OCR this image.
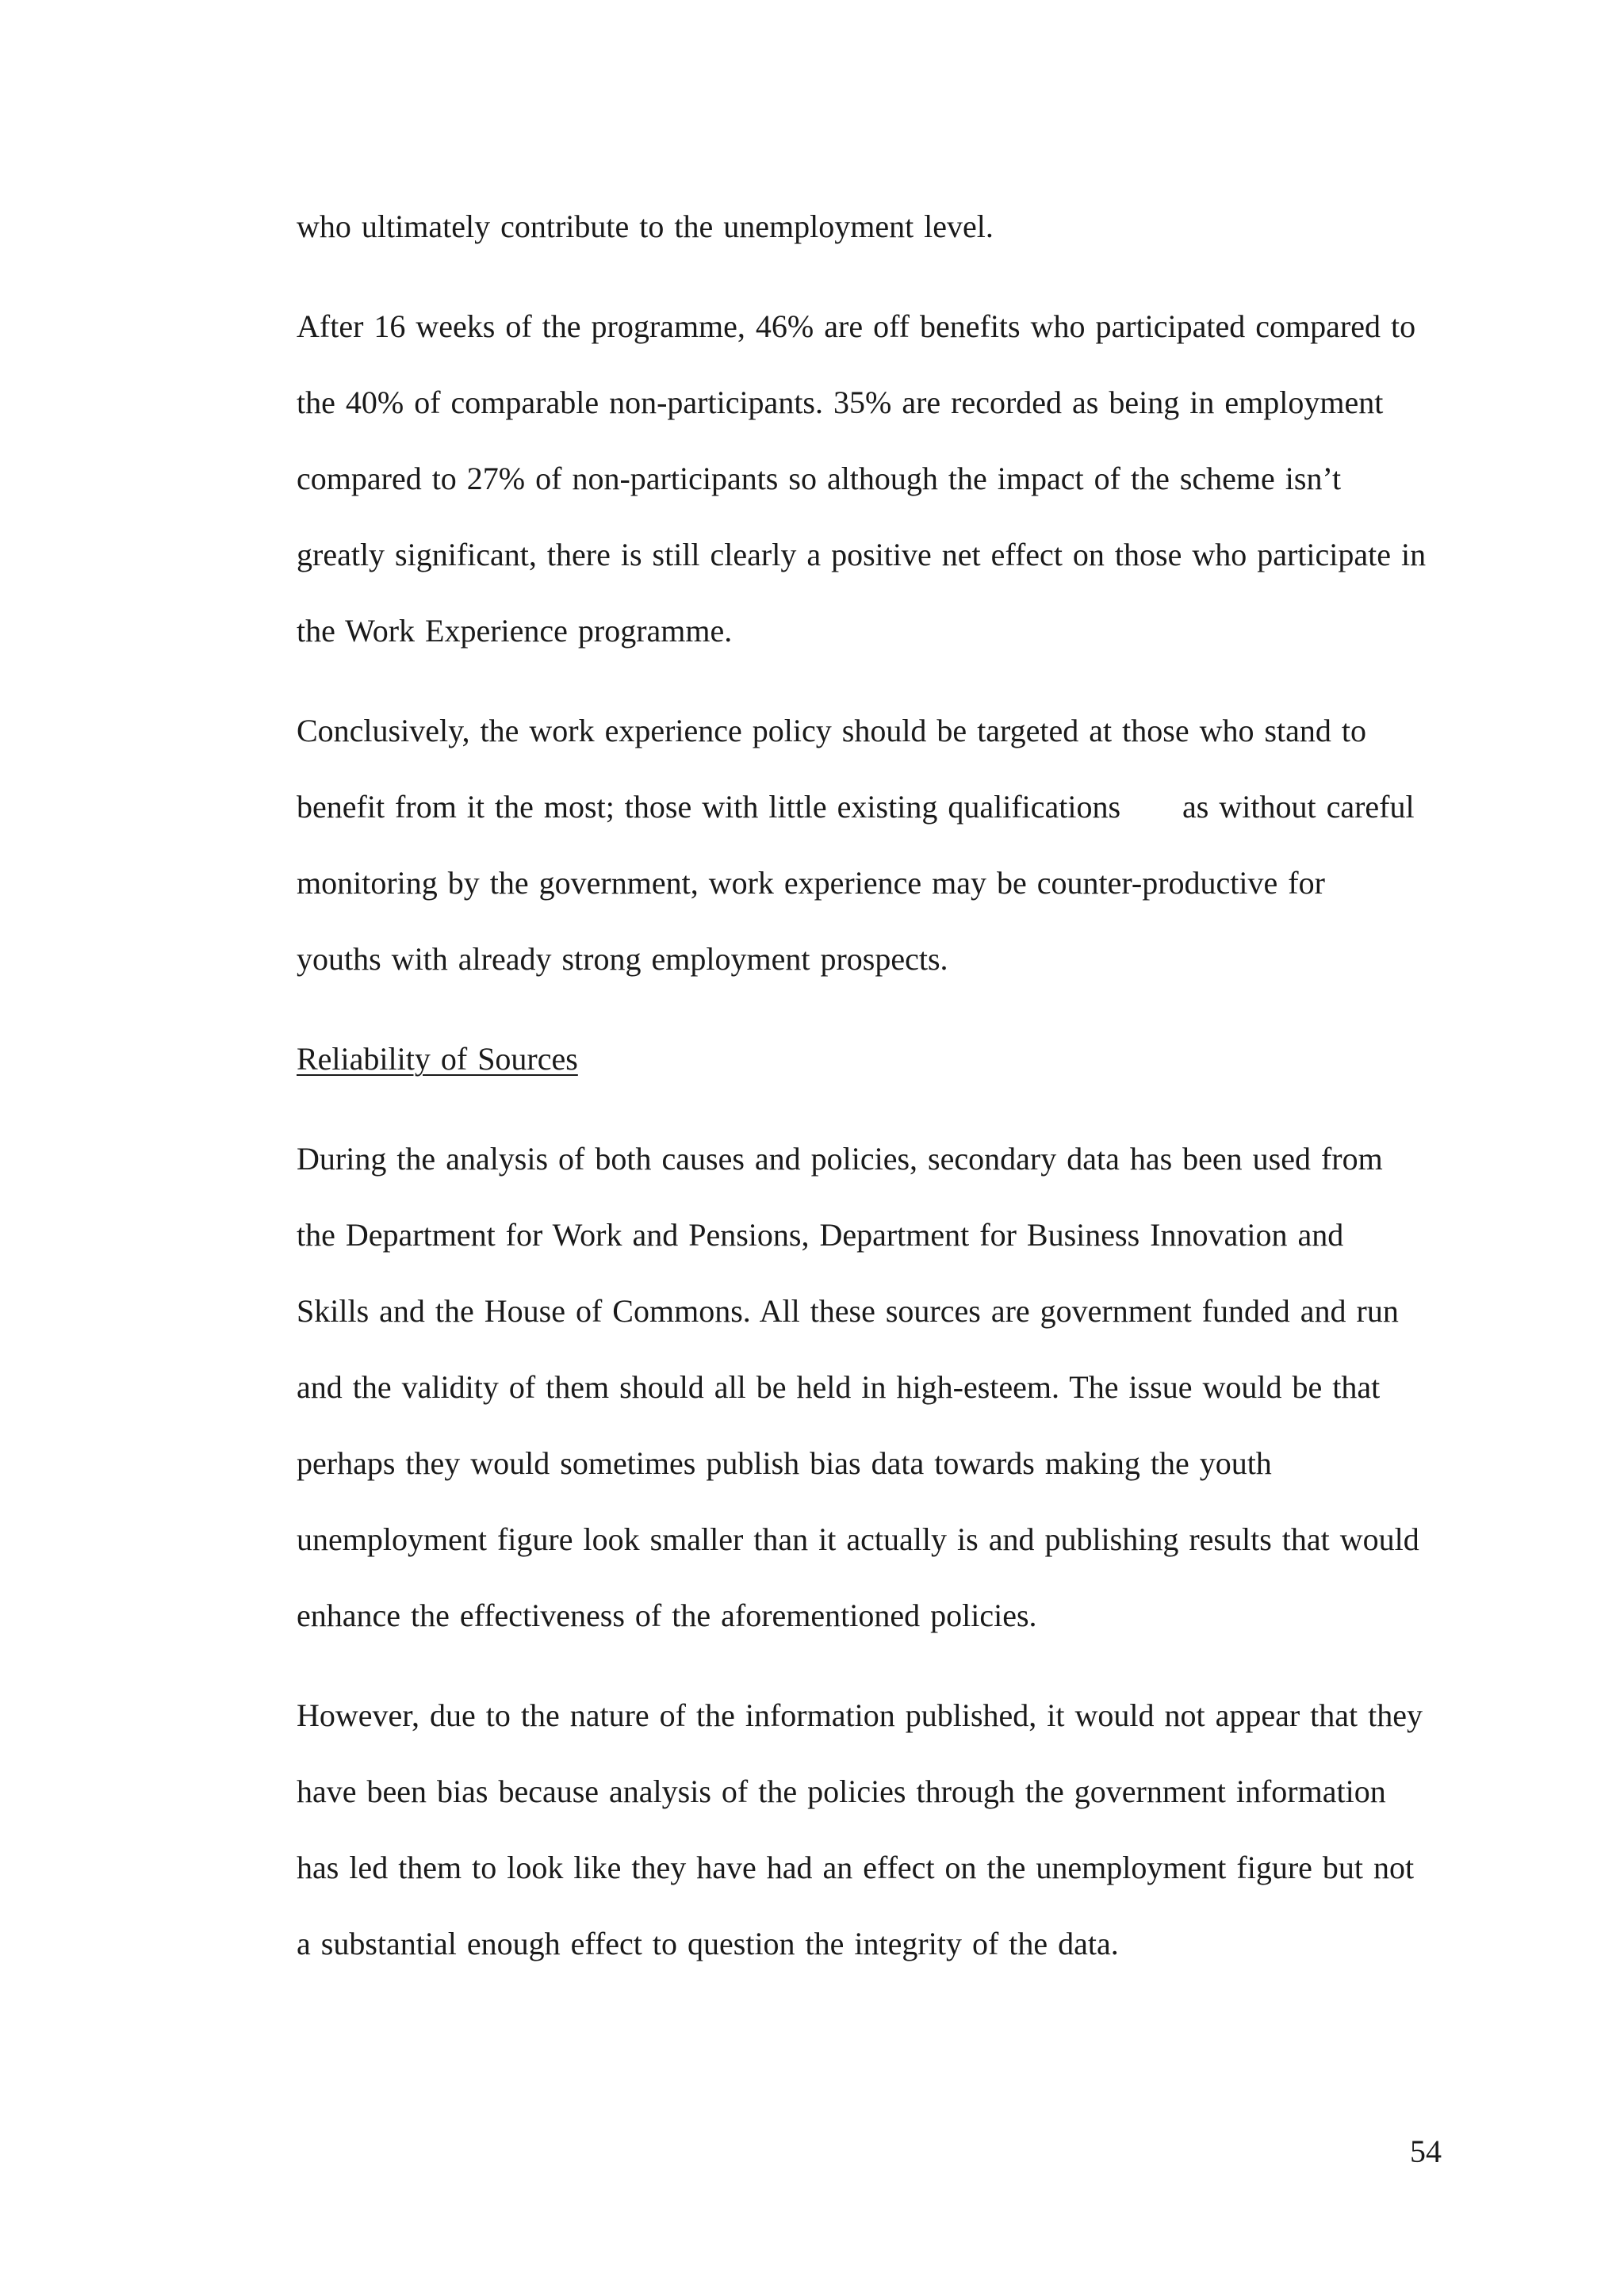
who ultimately contribute to the unemployment level.
After 16 weeks of the programme, 46% are off benefits who participated compared to
the 40% of comparable non-participants. 35% are recorded as being in employment
compared to 27% of non-participants so although the impact of the scheme isn’t
greatly significant, there is still clearly a positive net effect on those who participate in
the Work Experience programme.
Conclusively, the work experience policy should be targeted at those who stand to
benefit from it the most; those with little existing qualifications      as without careful
monitoring by the government, work experience may be counter-productive for
youths with already strong employment prospects.
Reliability of Sources
During the analysis of both causes and policies, secondary data has been used from
the Department for Work and Pensions, Department for Business Innovation and
Skills and the House of Commons. All these sources are government funded and run
and the validity of them should all be held in high-esteem. The issue would be that
perhaps they would sometimes publish bias data towards making the youth
unemployment figure look smaller than it actually is and publishing results that would
enhance the effectiveness of the aforementioned policies.
However, due to the nature of the information published, it would not appear that they
have been bias because analysis of the policies through the government information
has led them to look like they have had an effect on the unemployment figure but not
a substantial enough effect to question the integrity of the data.
54
